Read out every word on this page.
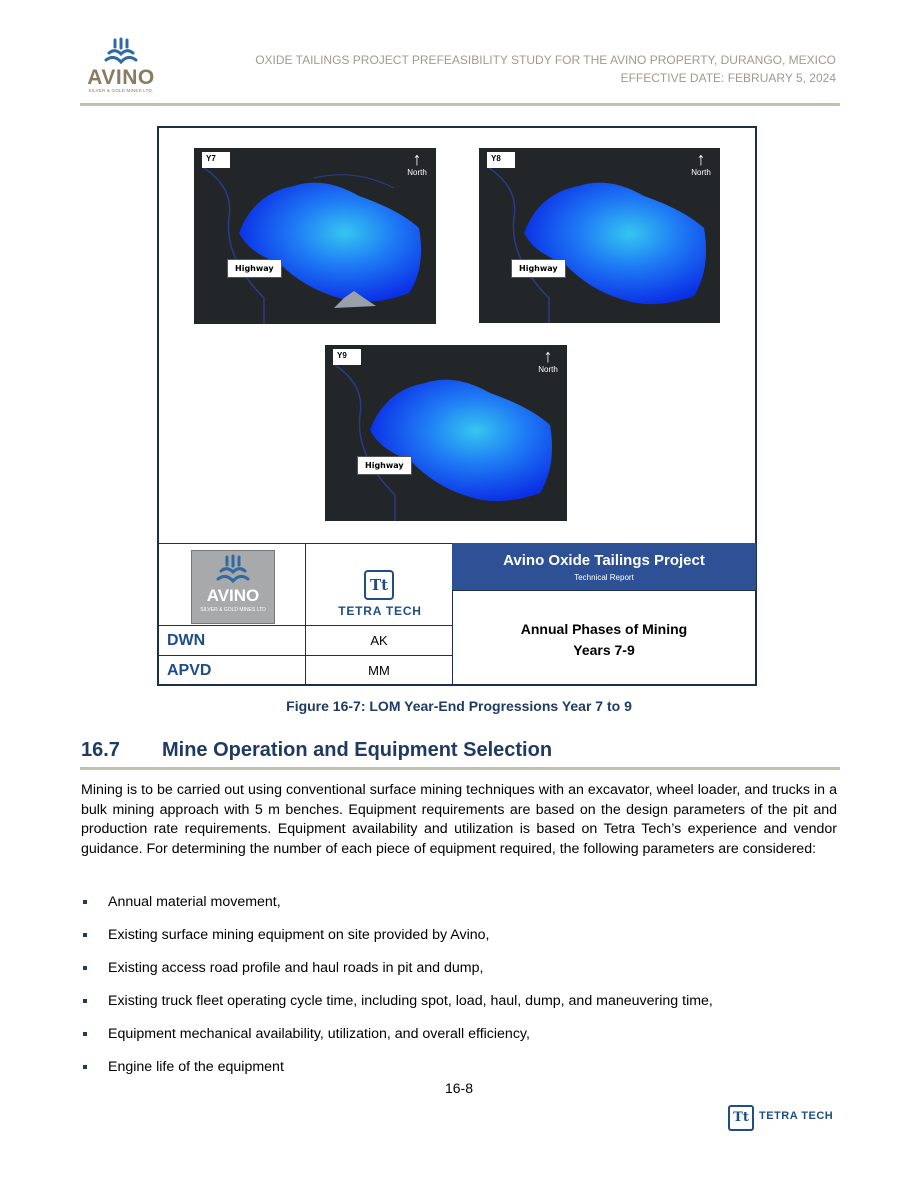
AVINO
SILVER & GOLD MINES LTD.
OXIDE TAILINGS PROJECT PREFEASIBILITY STUDY FOR THE AVINO PROPERTY, DURANGO, MEXICO
EFFECTIVE DATE: FEBRUARY 5, 2024
Y7	↑
North
Highway
Y8	↑
North
Highway
Y9	↑
North
Highway
AVINO
SILVER & GOLD MINES LTD
Tt
TETRA TECH
Avino Oxide Tailings Project
Technical Report
Annual Phases of Mining
Years 7-9
DWN	AK
APVD	MM
Figure 16-7: LOM Year-End Progressions Year 7 to 9
16.7 Mine Operation and Equipment Selection
Mining is to be carried out using conventional surface mining techniques with an excavator, wheel loader, and trucks in a bulk mining approach with 5 m benches. Equipment requirements are based on the design parameters of the pit and production rate requirements. Equipment availability and utilization is based on Tetra Tech’s experience and vendor guidance. For determining the number of each piece of equipment required, the following parameters are considered:
Annual material movement,
Existing surface mining equipment on site provided by Avino,
Existing access road profile and haul roads in pit and dump,
Existing truck fleet operating cycle time, including spot, load, haul, dump, and maneuvering time,
Equipment mechanical availability, utilization, and overall efficiency,
Engine life of the equipment
16-8
Tt TETRA TECH
